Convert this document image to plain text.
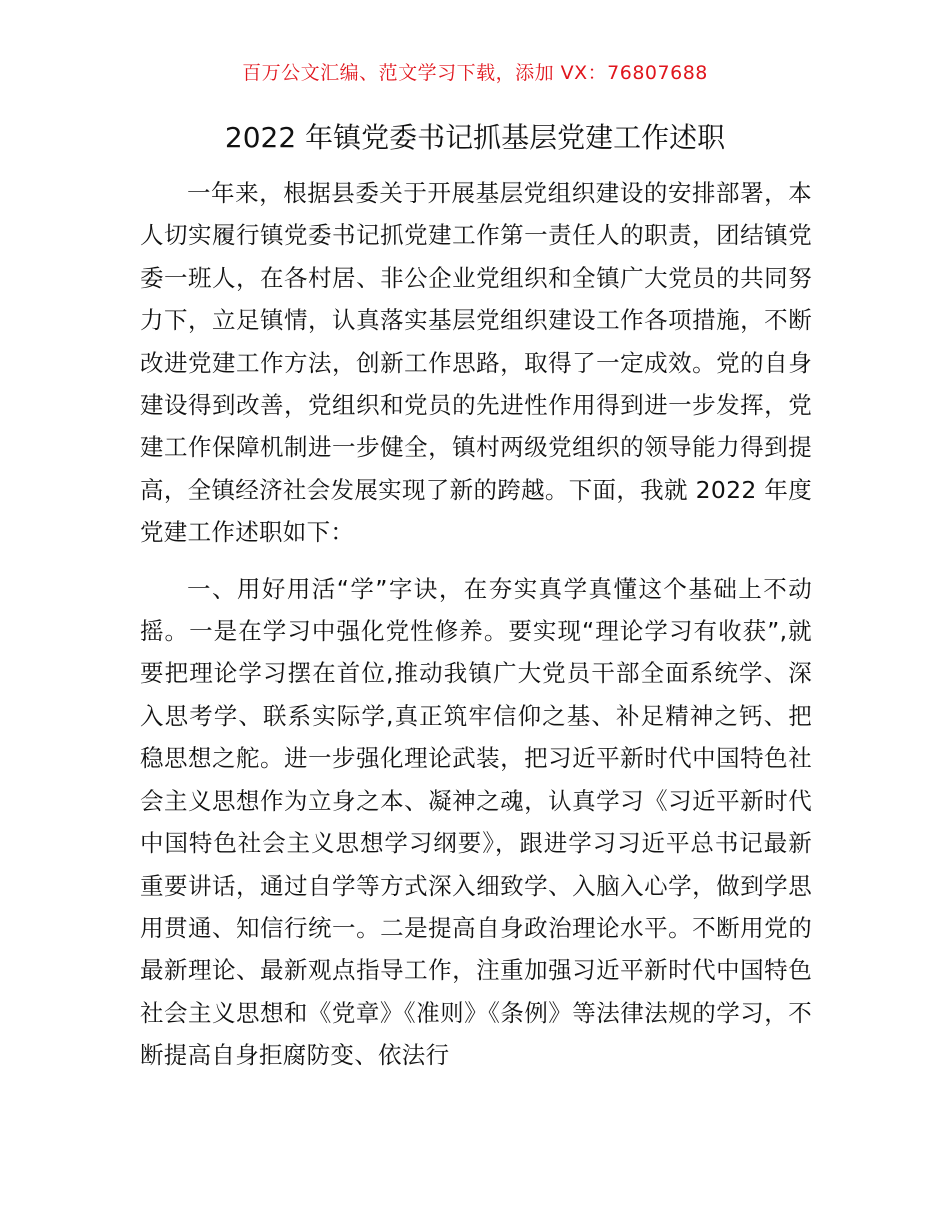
百万公文汇编、范文学习下载，添加 VX：76807688
2022 年镇党委书记抓基层党建工作述职

一年来，根据县委关于开展基层党组织建设的安排部署，本人切实履行镇党委书记抓党建工作第一责任人的职责，团结镇党委一班人，在各村居、非公企业党组织和全镇广大党员的共同努力下，立足镇情，认真落实基层党组织建设工作各项措施，不断改进党建工作方法，创新工作思路，取得了一定成效。党的自身建设得到改善，党组织和党员的先进性作用得到进一步发挥，党建工作保障机制进一步健全，镇村两级党组织的领导能力得到提高，全镇经济社会发展实现了新的跨越。下面，我就 2022 年度党建工作述职如下：

一、用好用活“学”字诀，在夯实真学真懂这个基础上不动摇。一是在学习中强化党性修养。要实现“理论学习有收获”,就要把理论学习摆在首位,推动我镇广大党员干部全面系统学、深入思考学、联系实际学,真正筑牢信仰之基、补足精神之钙、把稳思想之舵。进一步强化理论武装，把习近平新时代中国特色社会主义思想作为立身之本、凝神之魂，认真学习《习近平新时代中国特色社会主义思想学习纲要》，跟进学习习近平总书记最新重要讲话，通过自学等方式深入细致学、入脑入心学，做到学思用贯通、知信行统一。二是提高自身政治理论水平。不断用党的最新理论、最新观点指导工作，注重加强习近平新时代中国特色社会主义思想和《党章》《准则》《条例》等法律法规的学习，不断提高自身拒腐防变、依法行
